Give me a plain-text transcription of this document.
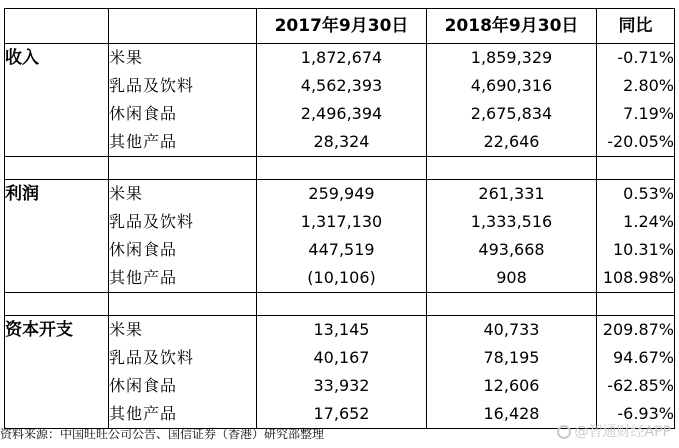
		2017年9月30日	2018年9月30日	同比
收入	米果	1,872,674	1,859,329	-0.71%
	乳品及饮料	4,562,393	4,690,316	2.80%
	休闲食品	2,496,394	2,675,834	7.19%
	其他产品	28,324	22,646	-20.05%

利润	米果	259,949	261,331	0.53%
	乳品及饮料	1,317,130	1,333,516	1.24%
	休闲食品	447,519	493,668	10.31%
	其他产品	(10,106)	908	108.98%

资本开支	米果	13,145	40,733	209.87%
	乳品及饮料	40,167	78,195	94.67%
	休闲食品	33,932	12,606	-62.85%
	其他产品	17,652	16,428	-6.93%
资料来源：中国旺旺公司公告、国信证券（香港）研究部整理	@智通财经APP
